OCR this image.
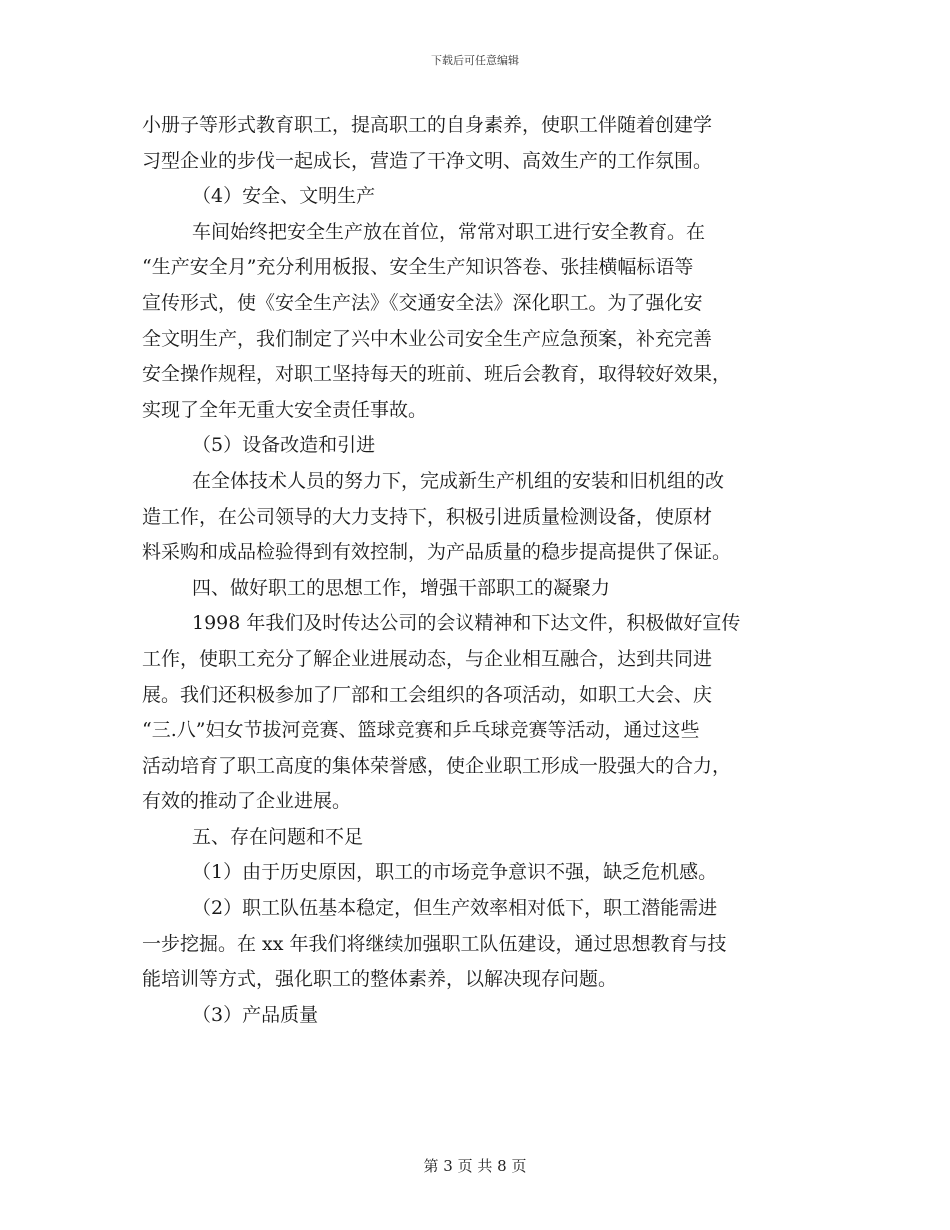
下载后可任意编辑
小册子等形式教育职工，提高职工的自身素养，使职工伴随着创建学
习型企业的步伐一起成长，营造了干净文明、高效生产的工作氛围。
（4）安全、文明生产
车间始终把安全生产放在首位，常常对职工进行安全教育。在
“生产安全月”充分利用板报、安全生产知识答卷、张挂横幅标语等
宣传形式，使《安全生产法》《交通安全法》深化职工。为了强化安
全文明生产，我们制定了兴中木业公司安全生产应急预案，补充完善
安全操作规程，对职工坚持每天的班前、班后会教育，取得较好效果，
实现了全年无重大安全责任事故。
（5）设备改造和引进
在全体技术人员的努力下，完成新生产机组的安装和旧机组的改
造工作，在公司领导的大力支持下，积极引进质量检测设备，使原材
料采购和成品检验得到有效控制，为产品质量的稳步提高提供了保证。
四、做好职工的思想工作，增强干部职工的凝聚力
1998 年我们及时传达公司的会议精神和下达文件，积极做好宣传
工作，使职工充分了解企业进展动态，与企业相互融合，达到共同进
展。我们还积极参加了厂部和工会组织的各项活动，如职工大会、庆
“三.八”妇女节拔河竞赛、篮球竞赛和乒乓球竞赛等活动，通过这些
活动培育了职工高度的集体荣誉感，使企业职工形成一股强大的合力，
有效的推动了企业进展。
五、存在问题和不足
（1）由于历史原因，职工的市场竞争意识不强，缺乏危机感。
（2）职工队伍基本稳定，但生产效率相对低下，职工潜能需进
一步挖掘。在 xx 年我们将继续加强职工队伍建设，通过思想教育与技
能培训等方式，强化职工的整体素养，以解决现存问题。
（3）产品质量
第 3 页 共 8 页
